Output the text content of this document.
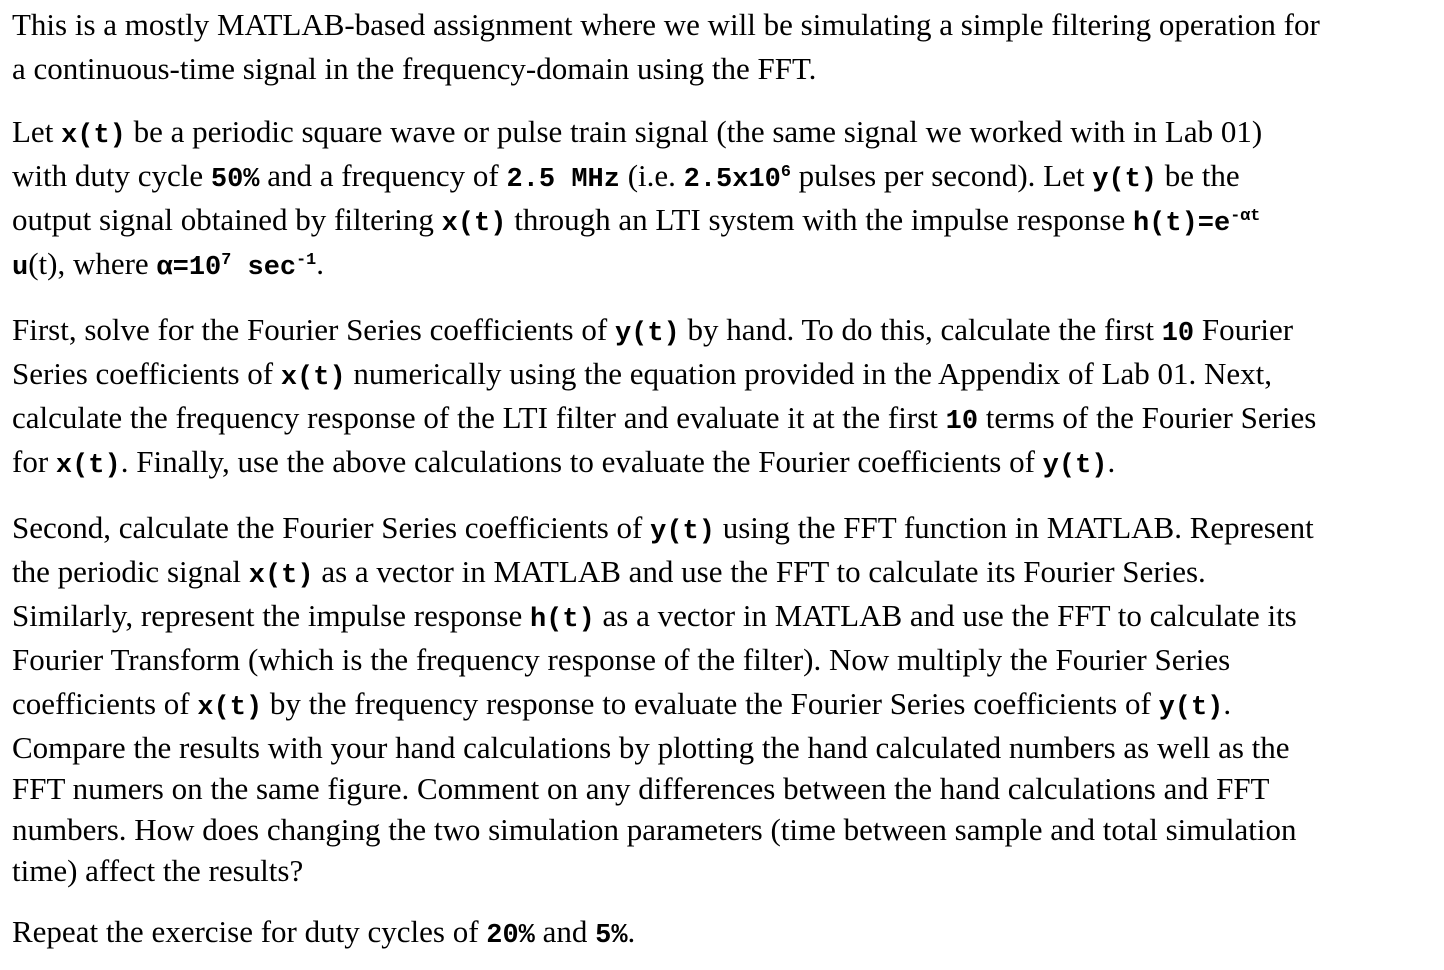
This is a mostly MATLAB-based assignment where we will be simulating a simple filtering operation for
a continuous-time signal in the frequency-domain using the FFT.
Let x(t) be a periodic square wave or pulse train signal (the same signal we worked with in Lab 01)
with duty cycle 50% and a frequency of 2.5 MHz (i.e. $2.5x10^6$ pulses per second). Let y(t) be the
output signal obtained by filtering x(t) through an LTI system with the impulse response $h(t)=e^{-\alpha t}$
u(t), where $\alpha=10^7$ $\sec^{-1}$.
First, solve for the Fourier Series coefficients of y(t) by hand. To do this, calculate the first 10 Fourier
Series coefficients of x(t) numerically using the equation provided in the Appendix of Lab 01. Next,
calculate the frequency response of the LTI filter and evaluate it at the first 10 terms of the Fourier Series
for x(t). Finally, use the above calculations to evaluate the Fourier coefficients of y(t).
Second, calculate the Fourier Series coefficients of y(t) using the FFT function in MATLAB. Represent
the periodic signal x(t) as a vector in MATLAB and use the FFT to calculate its Fourier Series.
Similarly, represent the impulse response h(t) as a vector in MATLAB and use the FFT to calculate its
Fourier Transform (which is the frequency response of the filter). Now multiply the Fourier Series
coefficients of x(t) by the frequency response to evaluate the Fourier Series coefficients of y(t).
Compare the results with your hand calculations by plotting the hand calculated numbers as well as the
FFT numers on the same figure. Comment on any differences between the hand calculations and FFT
numbers. How does changing the two simulation parameters (time between sample and total simulation
time) affect the results?
Repeat the exercise for duty cycles of 20% and 5%.
